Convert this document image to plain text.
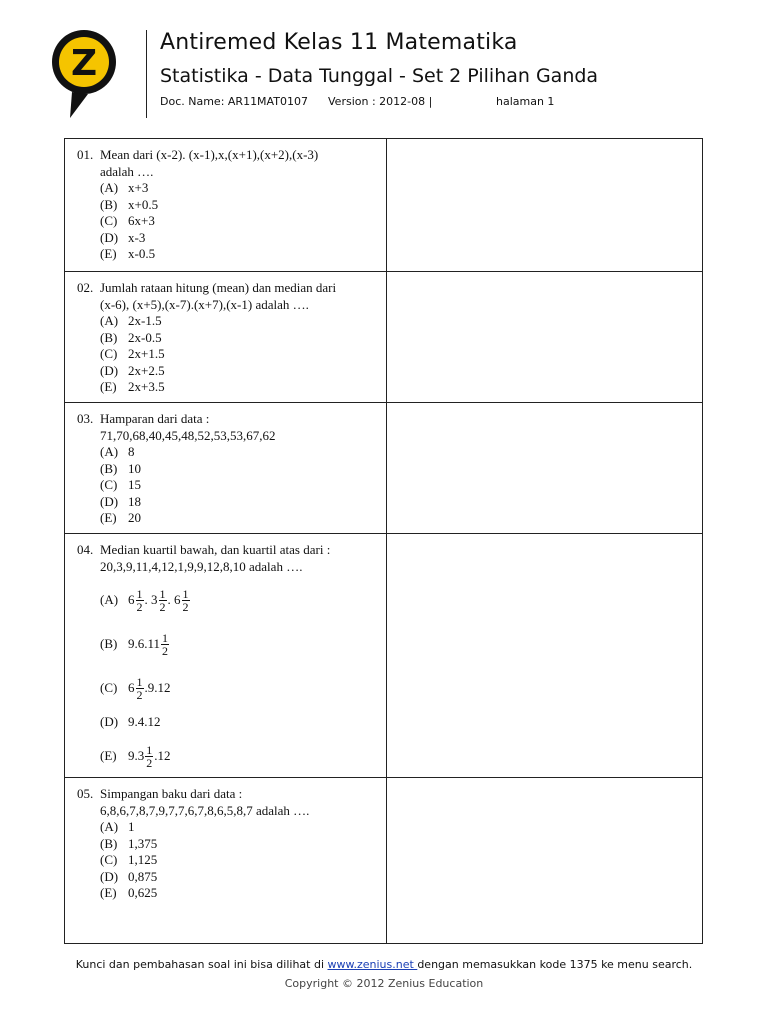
Z
Antiremed Kelas 11 Matematika
Statistika - Data Tunggal - Set 2 Pilihan Ganda
Doc. Name: AR11MAT0107 Version : 2012-08 |	halaman 1
01. Mean dari (x-2). (x-1),x,(x+1),(x+2),(x-3)
adalah ….
(A) x+3
(B) x+0.5
(C) 6x+3
(D) x-3
(E) x-0.5
02. Jumlah rataan hitung (mean) dan median dari
(x-6), (x+5),(x-7).(x+7),(x-1) adalah ….
(A) 2x-1.5
(B) 2x-0.5
(C) 2x+1.5
(D) 2x+2.5
(E) 2x+3.5
03. Hamparan dari data :
71,70,68,40,45,48,52,53,53,67,62
(A) 8
(B) 10
(C) 15
(D) 18
(E) 20
04. Median kuartil bawah, dan kuartil atas dari :
20,3,9,11,4,12,1,9,9,12,8,10 adalah ….
(A) $6 \frac{1}{2}$ . $3 \frac{1}{2}$ . $6 \frac{1}{2}$
(B) $9.6.11 \frac{1}{2}$
(C) $6 \frac{1}{2} .9.12$
(D) 9.4.12
(E) $9.3 \frac{1}{2} .12$
05. Simpangan baku dari data :
6,8,6,7,8,7,9,7,7,6,7,8,6,5,8,7 adalah ….
(A) 1
(B) 1,375
(C) 1,125
(D) 0,875
(E) 0,625
Kunci dan pembahasan soal ini bisa dilihat di www.zenius.net dengan memasukkan kode 1375 ke menu search.
Copyright © 2012 Zenius Education
